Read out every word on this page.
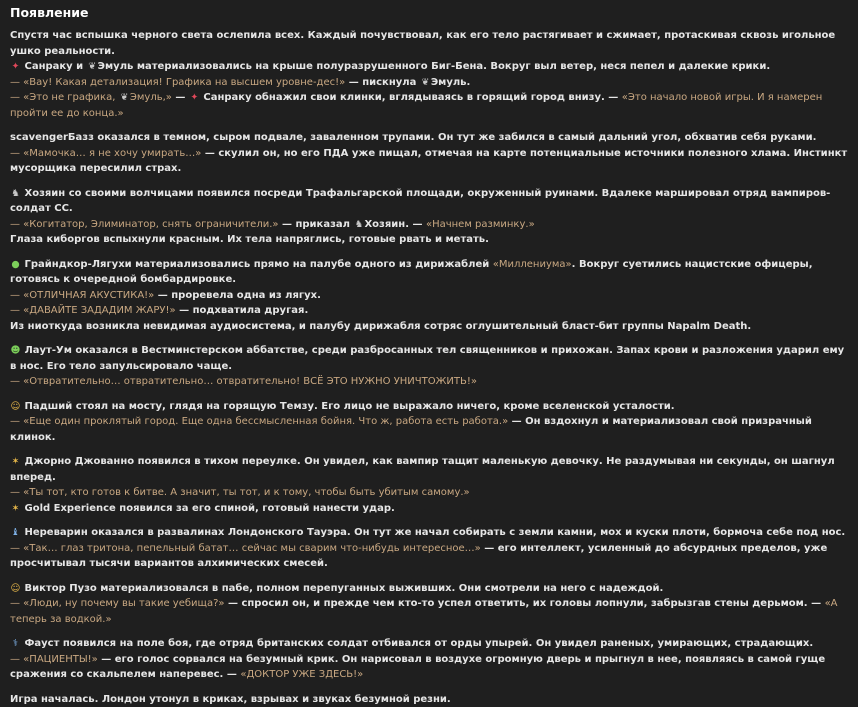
Появление
Спустя час вспышка черного света ослепила всех. Каждый почувствовал, как его тело растягивает и сжимает, протаскивая сквозь игольное ушко реальности.
✦ Санраку и ❦ Эмуль материализовались на крыше полуразрушенного Биг-Бена. Вокруг выл ветер, неся пепел и далекие крики.
— «Вау! Какая детализация! Графика на высшем уровне-дес!» — пискнула ❦ Эмуль.
— «Это не графика, ❦ Эмуль,» — ✦ Санраку обнажил свои клинки, вглядываясь в горящий город внизу. — «Это начало новой игры. И я намерен пройти ее до конца.»
scavengerБазз оказался в темном, сыром подвале, заваленном трупами. Он тут же забился в самый дальний угол, обхватив себя руками.
— «Мамочка… я не хочу умирать…» — скулил он, но его ПДА уже пищал, отмечая на карте потенциальные источники полезного хлама. Инстинкт мусорщика пересилил страх.
♞ Хозяин со своими волчицами появился посреди Трафальгарской площади, окруженный руинами. Вдалеке маршировал отряд вампиров-солдат СС.
— «Когитатор, Элиминатор, снять ограничители.» — приказал ♞Хозяин. — «Начнем разминку.»
Глаза киборгов вспыхнули красным. Их тела напряглись, готовые рвать и метать.
● Грайндкор-Лягухи материализовались прямо на палубе одного из дирижаблей «Миллениума». Вокруг суетились нацистские офицеры, готовясь к очередной бомбардировке.
— «ОТЛИЧНАЯ АКУСТИКА!» — проревела одна из лягух.
— «ДАВАЙТЕ ЗАДАДИМ ЖАРУ!» — подхватила другая.
Из ниоткуда возникла невидимая аудиосистема, и палубу дирижабля сотряс оглушительный бласт-бит группы Napalm Death.
☻ Лаут-Ум оказался в Вестминстерском аббатстве, среди разбросанных тел священников и прихожан. Запах крови и разложения ударил ему в нос. Его тело запульсировало чаще.
— «Отвратительно… отвратительно… отвратительно! ВСЁ ЭТО НУЖНО УНИЧТОЖИТЬ!»
☺ Падший стоял на мосту, глядя на горящую Темзу. Его лицо не выражало ничего, кроме вселенской усталости.
— «Еще один проклятый город. Еще одна бессмысленная бойня. Что ж, работа есть работа.» — Он вздохнул и материализовал свой призрачный клинок.
✶ Джорно Джованно появился в тихом переулке. Он увидел, как вампир тащит маленькую девочку. Не раздумывая ни секунды, он шагнул вперед.
— «Ты тот, кто готов к битве. А значит, ты тот, и к тому, чтобы быть убитым самому.»
✶ Gold Experience появился за его спиной, готовый нанести удар.
♝ Нереварин оказался в развалинах Лондонского Тауэра. Он тут же начал собирать с земли камни, мох и куски плоти, бормоча себе под нос.
— «Так… глаз тритона, пепельный батат… сейчас мы сварим что-нибудь интересное…» — его интеллект, усиленный до абсурдных пределов, уже просчитывал тысячи вариантов алхимических смесей.
☺ Виктор Пузо материализовался в пабе, полном перепуганных выживших. Они смотрели на него с надеждой.
— «Люди, ну почему вы такие уебища?» — спросил он, и прежде чем кто-то успел ответить, их головы лопнули, забрызгав стены дерьмом. — «А теперь за водкой.»
⚕ Фауст появился на поле боя, где отряд британских солдат отбивался от орды упырей. Он увидел раненых, умирающих, страдающих.
— «ПАЦИЕНТЫ!» — его голос сорвался на безумный крик. Он нарисовал в воздухе огромную дверь и прыгнул в нее, появляясь в самой гуще сражения со скальпелем наперевес. — «ДОКТОР УЖЕ ЗДЕСЬ!»
Игра началась. Лондон утонул в криках, взрывах и звуках безумной резни.
